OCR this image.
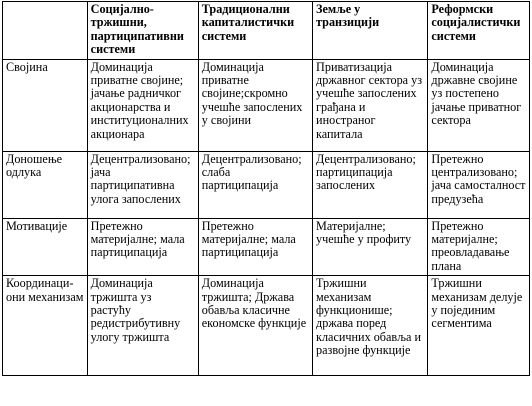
	Социјално-тржишни, партиципативни системи	Традиционални капиталистички системи	Земље у транзицији	Реформски социјалистички системи
Својина	Доминација приватне својине; јачање радничког акционарства и институционалних акционара	Доминација приватне својине;скромно учешће запослених у својини	Приватизација државног сектора уз учешће запослених грађана и иностраног капитала	Доминација државне својине уз постепено јачање приватног сектора
Доношење одлука	Децентрализовано; јача партиципативна улога запослених	Децентрализовано; слаба партиципација	Децентрализовано; партиципација запослених	Претежно централизовано; јача самосталност предузећа
Мотивације	Претежно материјалне; мала партиципација	Претежно материјалне; мала партиципација	Материјалне; учешће у профиту	Претежно материјалне; преовладавање плана
Координаци-они механизам	Доминација тржишта уз растућу редистрибутивну улогу тржишта	Доминација тржишта; Држава обавља класичне економске функције	Тржишни механизам функционише; држава поред класичних обавља и развојне функције	Тржишни механизам делује у појединим сегментима
